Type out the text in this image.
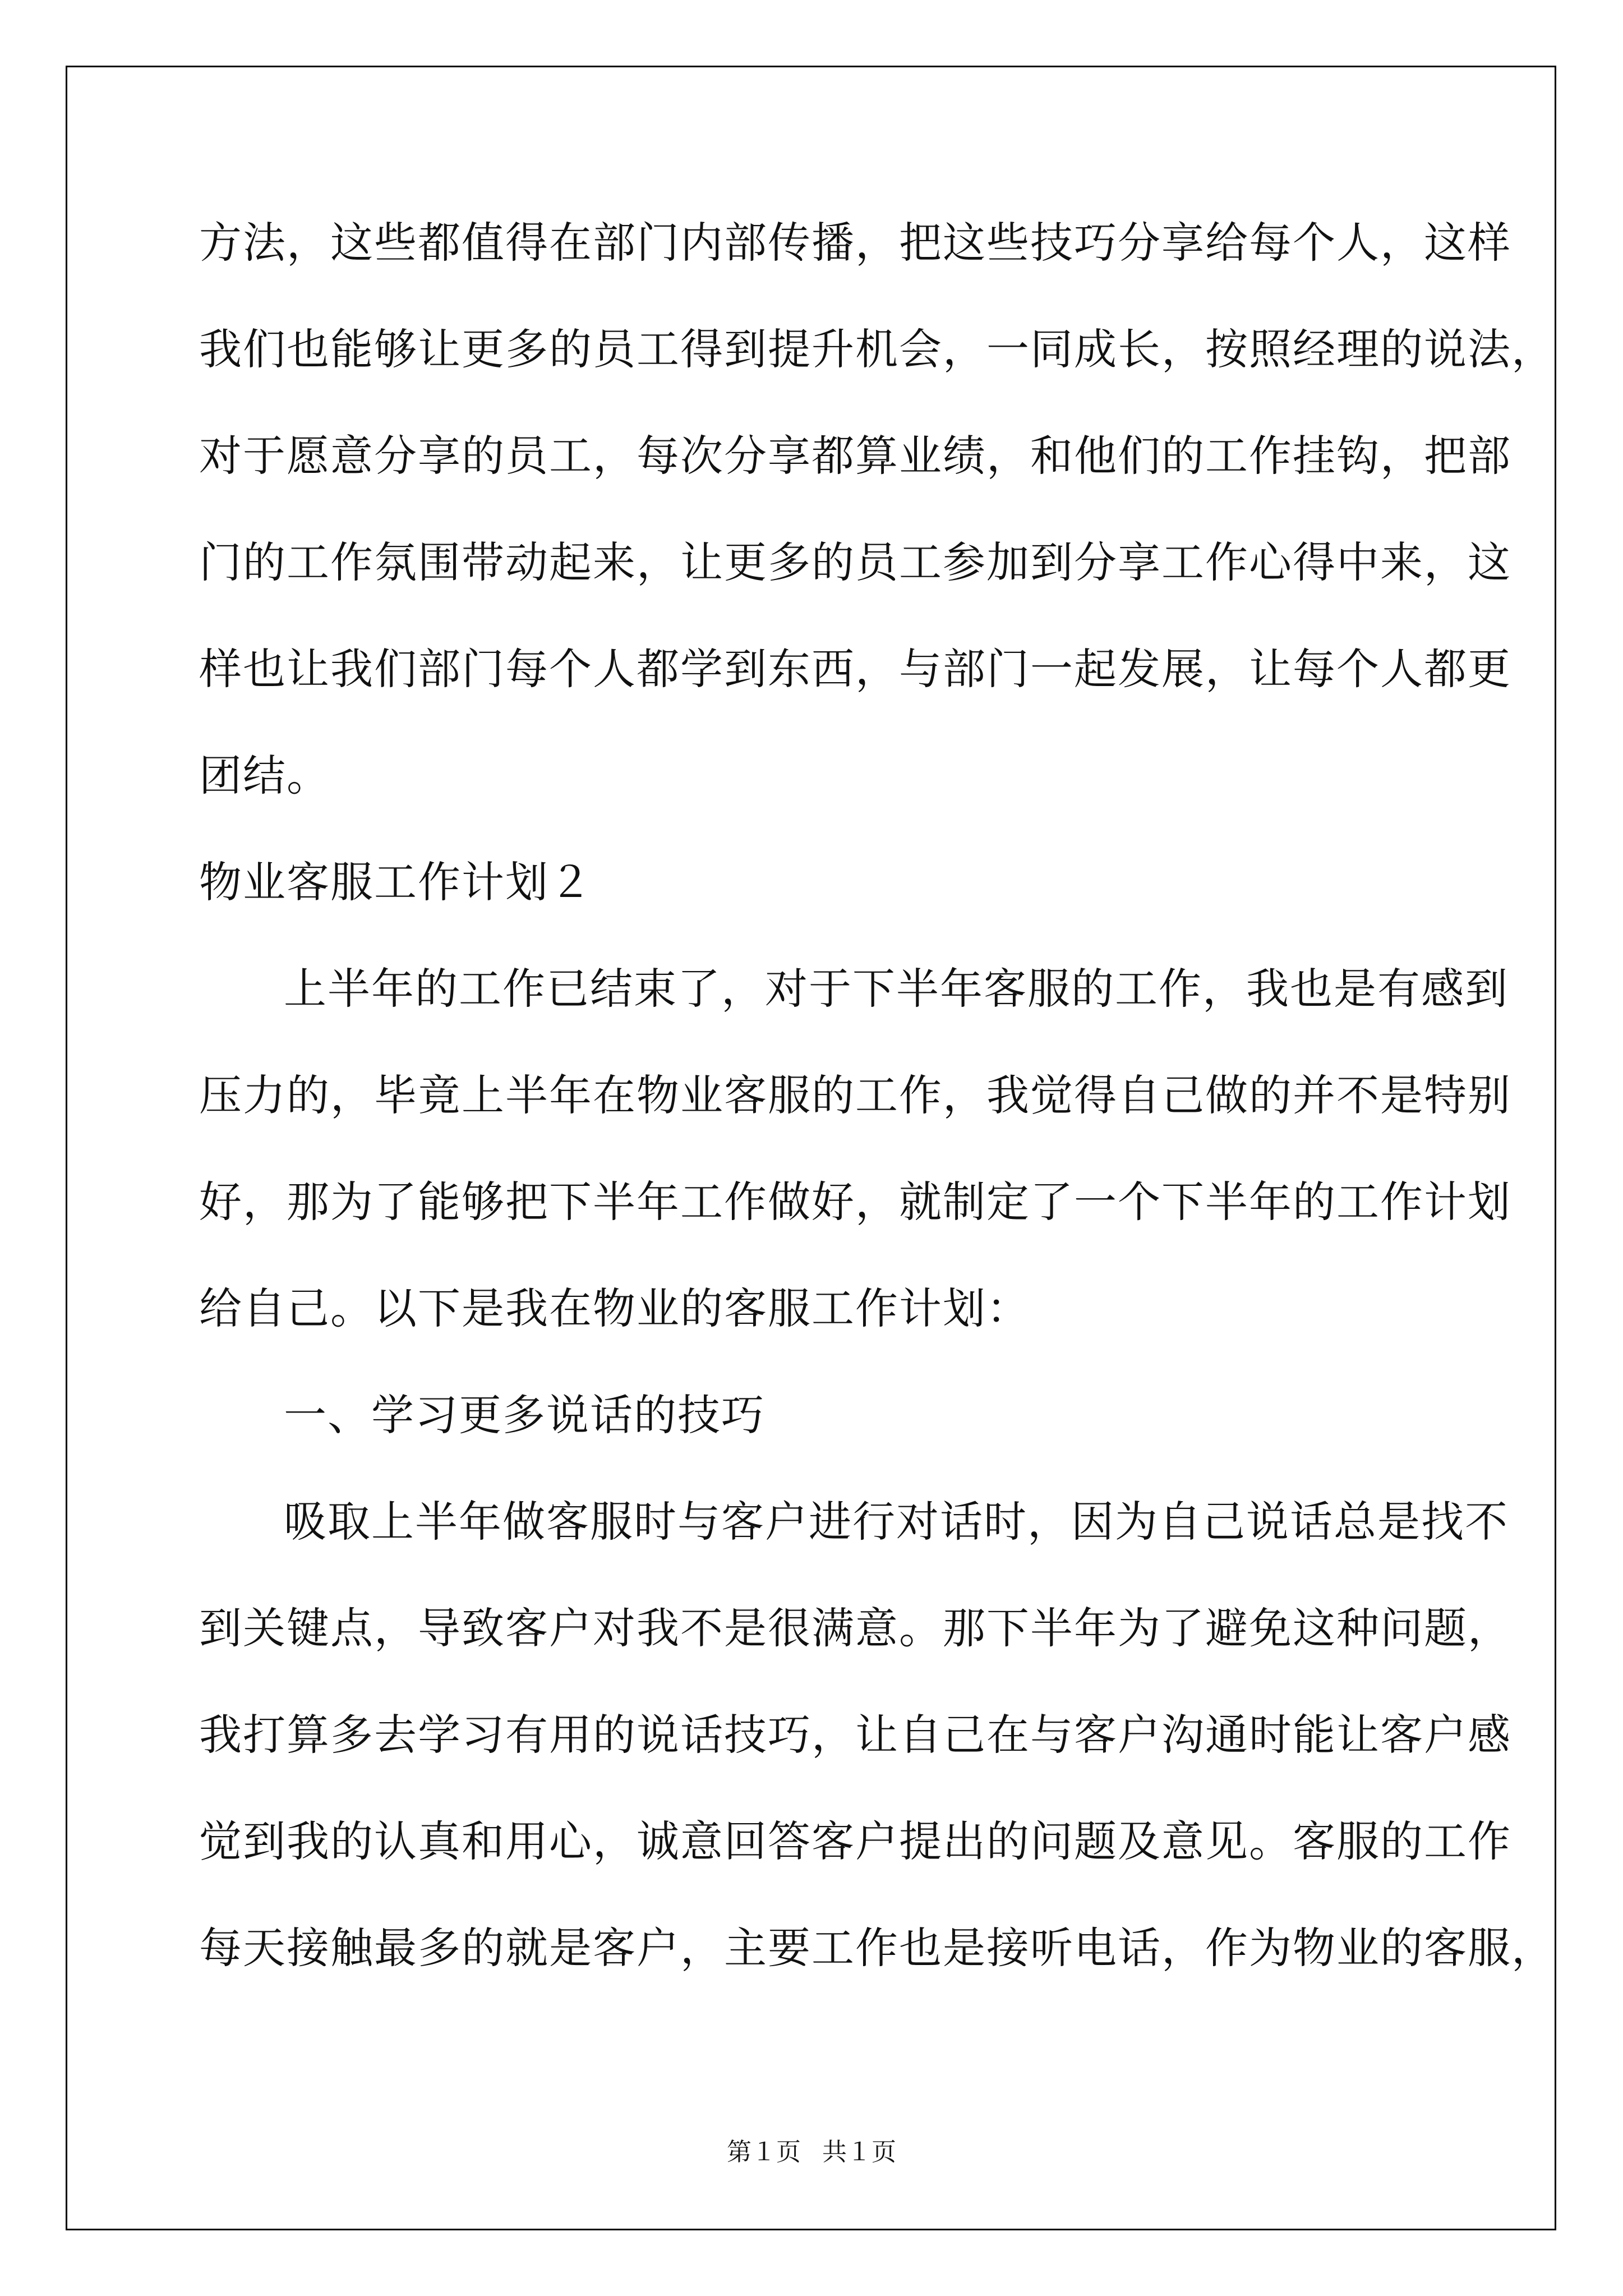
方法，这些都值得在部门内部传播，把这些技巧分享给每个人，这样

我们也能够让更多的员工得到提升机会，一同成长，按照经理的说法，

对于愿意分享的员工，每次分享都算业绩，和他们的工作挂钩，把部

门的工作氛围带动起来，让更多的员工参加到分享工作心得中来，这

样也让我们部门每个人都学到东西，与部门一起发展，让每个人都更

团结。

物业客服工作计划２

上半年的工作已结束了，对于下半年客服的工作，我也是有感到

压力的，毕竟上半年在物业客服的工作，我觉得自己做的并不是特别

好，那为了能够把下半年工作做好，就制定了一个下半年的工作计划

给自己。以下是我在物业的客服工作计划：

一、学习更多说话的技巧

吸取上半年做客服时与客户进行对话时，因为自己说话总是找不

到关键点，导致客户对我不是很满意。那下半年为了避免这种问题，

我打算多去学习有用的说话技巧，让自己在与客户沟通时能让客户感

觉到我的认真和用心，诚意回答客户提出的问题及意见。客服的工作

每天接触最多的就是客户，主要工作也是接听电话，作为物业的客服，

第１页 共１页
